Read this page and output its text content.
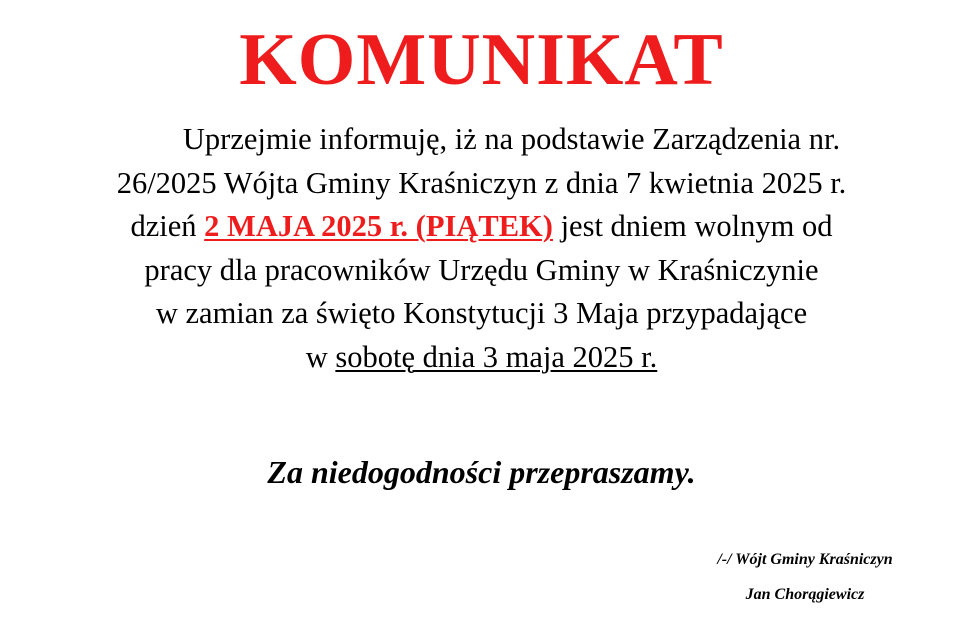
KOMUNIKAT
Uprzejmie informuję, iż na podstawie Zarządzenia nr.
26/2025 Wójta Gminy Kraśniczyn z dnia 7 kwietnia 2025 r.
dzień 2 MAJA 2025 r. (PIĄTEK) jest dniem wolnym od
pracy dla pracowników Urzędu Gminy w Kraśniczynie
w zamian za święto Konstytucji 3 Maja przypadające
w sobotę dnia 3 maja 2025 r.
Za niedogodności przepraszamy.
/-/ Wójt Gminy Kraśniczyn
Jan Chorągiewicz
